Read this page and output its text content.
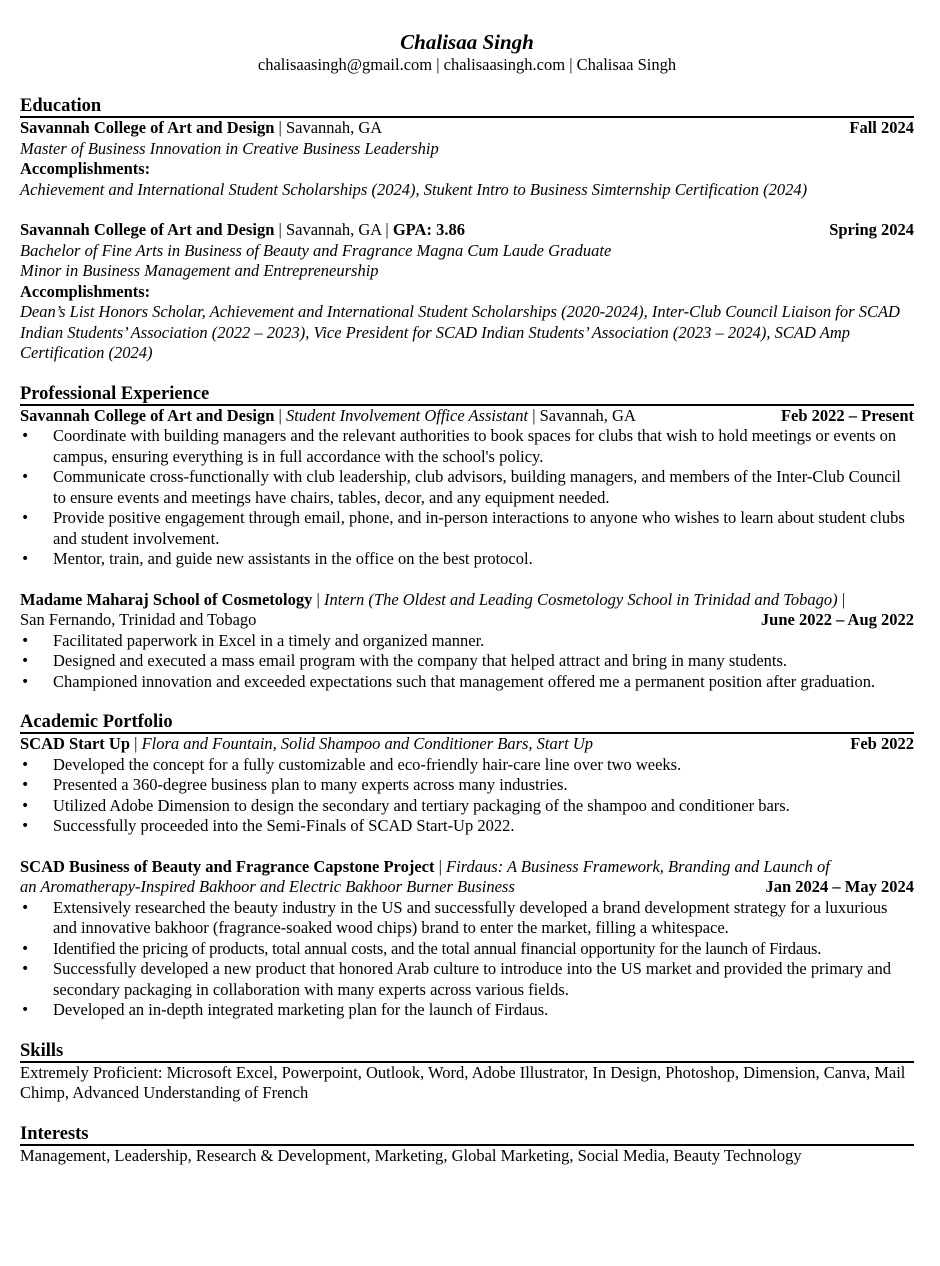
Chalisaa Singh
chalisaasingh@gmail.com | chalisaasingh.com | Chalisaa Singh
Education
Savannah College of Art and Design | Savannah, GA	Fall 2024
Master of Business Innovation in Creative Business Leadership
Accomplishments:
Achievement and International Student Scholarships (2024), Stukent Intro to Business Simternship Certification (2024)
Savannah College of Art and Design | Savannah, GA | GPA: 3.86	Spring 2024
Bachelor of Fine Arts in Business of Beauty and Fragrance Magna Cum Laude Graduate
Minor in Business Management and Entrepreneurship
Accomplishments:
Dean’s List Honors Scholar, Achievement and International Student Scholarships (2020-2024), Inter-Club Council Liaison for SCAD Indian Students’ Association (2022 – 2023), Vice President for SCAD Indian Students’ Association (2023 – 2024), SCAD Amp Certification (2024)
Professional Experience
Savannah College of Art and Design | Student Involvement Office Assistant | Savannah, GA	Feb 2022 – Present
• Coordinate with building managers and the relevant authorities to book spaces for clubs that wish to hold meetings or events on campus, ensuring everything is in full accordance with the school's policy.
• Communicate cross-functionally with club leadership, club advisors, building managers, and members of the Inter-Club Council to ensure events and meetings have chairs, tables, decor, and any equipment needed.
• Provide positive engagement through email, phone, and in-person interactions to anyone who wishes to learn about student clubs and student involvement.
• Mentor, train, and guide new assistants in the office on the best protocol.
Madame Maharaj School of Cosmetology | Intern (The Oldest and Leading Cosmetology School in Trinidad and Tobago) |
San Fernando, Trinidad and Tobago	June 2022 – Aug 2022
• Facilitated paperwork in Excel in a timely and organized manner.
• Designed and executed a mass email program with the company that helped attract and bring in many students.
• Championed innovation and exceeded expectations such that management offered me a permanent position after graduation.
Academic Portfolio
SCAD Start Up | Flora and Fountain, Solid Shampoo and Conditioner Bars, Start Up	Feb 2022
• Developed the concept for a fully customizable and eco-friendly hair-care line over two weeks.
• Presented a 360-degree business plan to many experts across many industries.
• Utilized Adobe Dimension to design the secondary and tertiary packaging of the shampoo and conditioner bars.
• Successfully proceeded into the Semi-Finals of SCAD Start-Up 2022.
SCAD Business of Beauty and Fragrance Capstone Project | Firdaus: A Business Framework, Branding and Launch of
an Aromatherapy-Inspired Bakhoor and Electric Bakhoor Burner Business	Jan 2024 – May 2024
• Extensively researched the beauty industry in the US and successfully developed a brand development strategy for a luxurious and innovative bakhoor (fragrance-soaked wood chips) brand to enter the market, filling a whitespace.
• Identified the pricing of products, total annual costs, and the total annual financial opportunity for the launch of Firdaus.
• Successfully developed a new product that honored Arab culture to introduce into the US market and provided the primary and secondary packaging in collaboration with many experts across various fields.
• Developed an in-depth integrated marketing plan for the launch of Firdaus.
Skills
Extremely Proficient: Microsoft Excel, Powerpoint, Outlook, Word, Adobe Illustrator, In Design, Photoshop, Dimension, Canva, Mail Chimp, Advanced Understanding of French
Interests
Management, Leadership, Research & Development, Marketing, Global Marketing, Social Media, Beauty Technology
